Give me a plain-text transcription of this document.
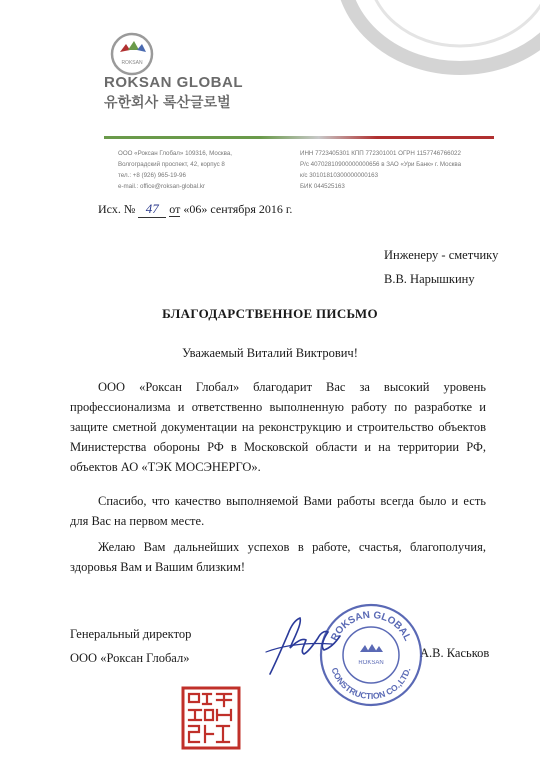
ROKSAN
ROKSAN GLOBAL
유한회사 록산글로벌
ООО «Роксан Глобал» 109316, Москва,
Волгоградский проспект, 42, корпус 8
тел.: +8 (926) 965-19-96
e-mail.: office@roksan-global.kr
ИНН 7723405301 КПП 772301001 ОГРН 1157746766022
Р/с 40702810900000000656 в ЗАО «Ури Банк» г. Москва
к/с 30101810300000000163
БИК 044525163
Исх. № 47 от «06» сентября 2016 г.
Инженеру - сметчику
В.В. Нарышкину
БЛАГОДАРСТВЕННОЕ ПИСЬМО
Уважаемый Виталий Виктрович!
ООО «Роксан Глобал» благодарит Вас за высокий уровень профессионализма и ответственно выполненную работу по разработке и защите сметной документации на реконструкцию и строительство объектов Министерства обороны РФ в Московской области и на территории РФ, объектов АО «ТЭК МОСЭНЕРГО».
Спасибо, что качество выполняемой Вами работы всегда было и есть для Вас на первом месте.
Желаю Вам дальнейших успехов в работе, счастья, благополучия, здоровья Вам и Вашим близким!
Генеральный директор
ООО «Роксан Глобал»	А.В. Каськов
ROKSAN GLOBAL
CONSTRUCTION CO.,LTD.
ROKSAN
